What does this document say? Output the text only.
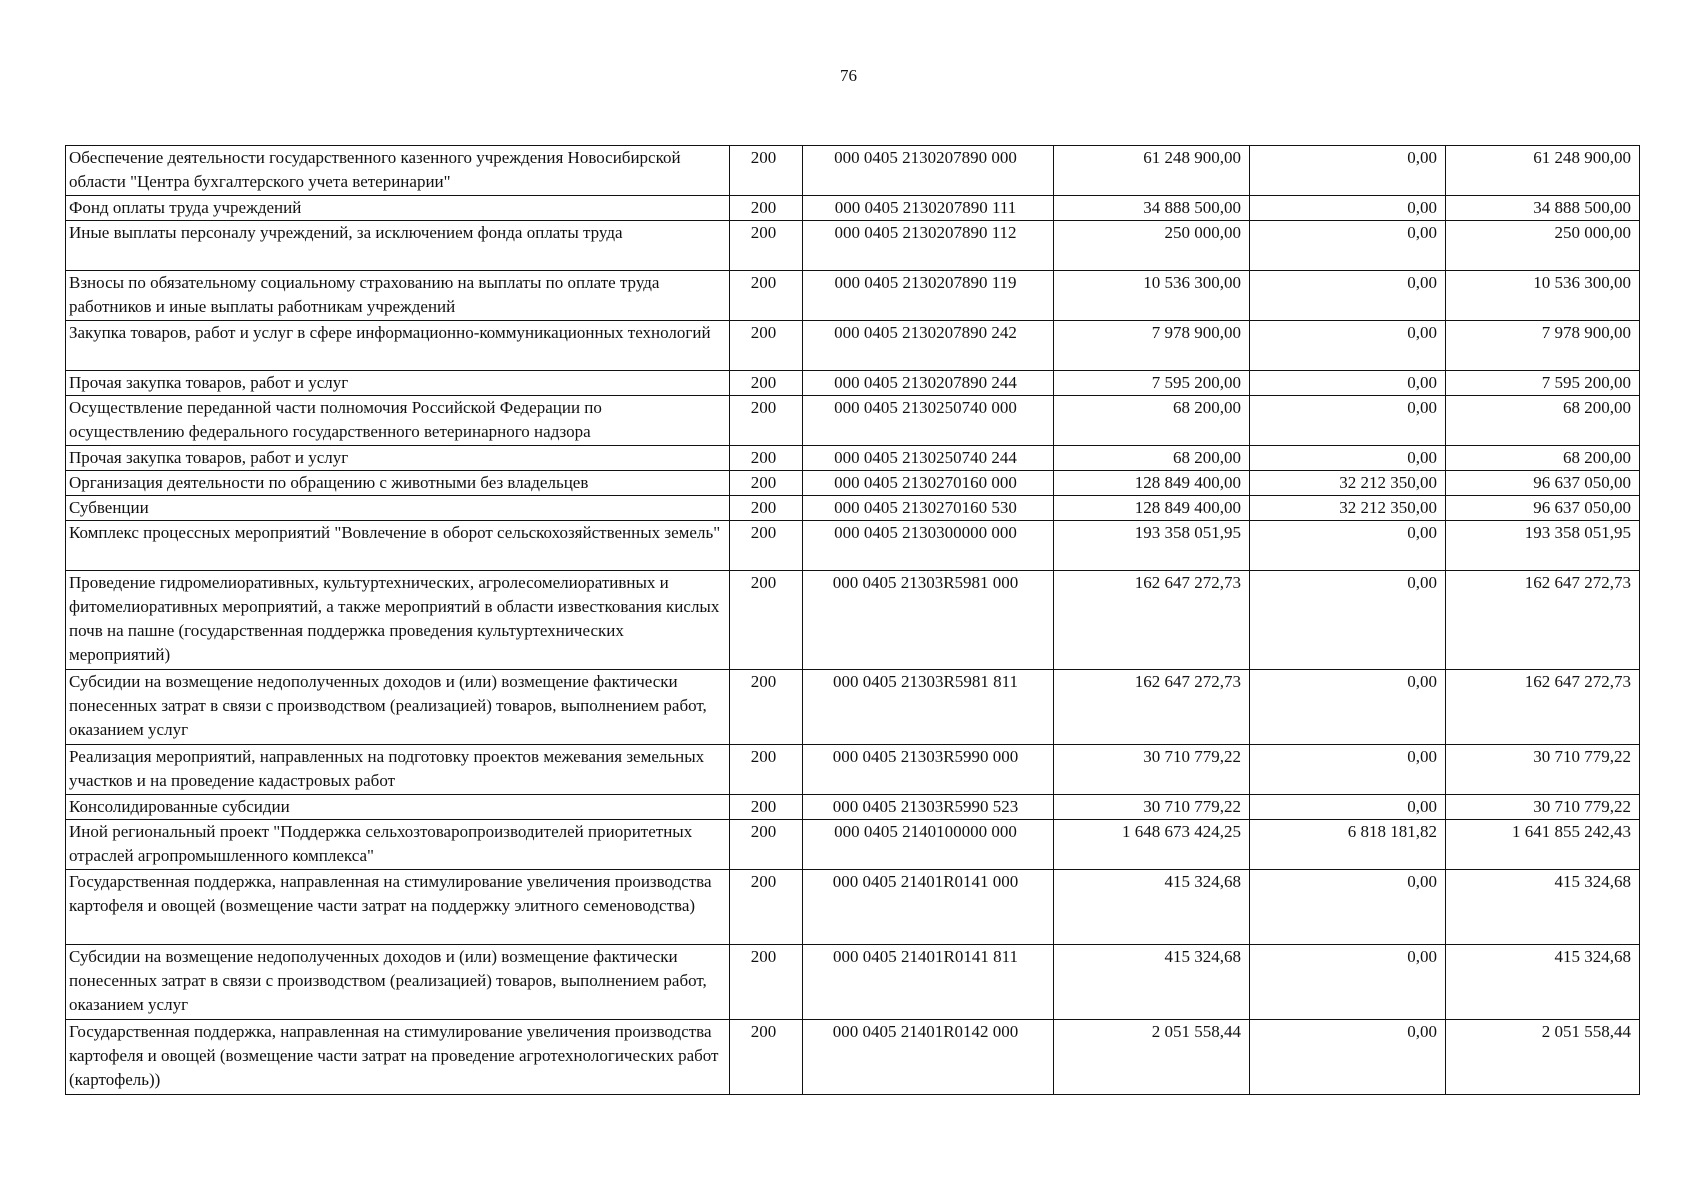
76
Обеспечение деятельности государственного казенного учреждения Новосибирской области "Центра бухгалтерского учета ветеринарии"	200	000 0405 2130207890 000	61 248 900,00	0,00	61 248 900,00
Фонд оплаты труда учреждений	200	000 0405 2130207890 111	34 888 500,00	0,00	34 888 500,00
Иные выплаты персоналу учреждений, за исключением фонда оплаты труда	200	000 0405 2130207890 112	250 000,00	0,00	250 000,00
Взносы по обязательному социальному страхованию на выплаты по оплате труда работников и иные выплаты работникам учреждений	200	000 0405 2130207890 119	10 536 300,00	0,00	10 536 300,00
Закупка товаров, работ и услуг в сфере информационно-коммуникационных технологий	200	000 0405 2130207890 242	7 978 900,00	0,00	7 978 900,00
Прочая закупка товаров, работ и услуг	200	000 0405 2130207890 244	7 595 200,00	0,00	7 595 200,00
Осуществление переданной части полномочия Российской Федерации по осуществлению федерального государственного ветеринарного надзора	200	000 0405 2130250740 000	68 200,00	0,00	68 200,00
Прочая закупка товаров, работ и услуг	200	000 0405 2130250740 244	68 200,00	0,00	68 200,00
Организация деятельности по обращению с животными без владельцев	200	000 0405 2130270160 000	128 849 400,00	32 212 350,00	96 637 050,00
Субвенции	200	000 0405 2130270160 530	128 849 400,00	32 212 350,00	96 637 050,00
Комплекс процессных мероприятий "Вовлечение в оборот сельскохозяйственных земель"	200	000 0405 2130300000 000	193 358 051,95	0,00	193 358 051,95
Проведение гидромелиоративных, культуртехнических, агролесомелиоративных и фитомелиоративных мероприятий, а также мероприятий в области известкования кислых почв на пашне (государственная поддержка проведения культуртехнических мероприятий)	200	000 0405 21303R5981 000	162 647 272,73	0,00	162 647 272,73
Субсидии на возмещение недополученных доходов и (или) возмещение фактически понесенных затрат в связи с производством (реализацией) товаров, выполнением работ, оказанием услуг	200	000 0405 21303R5981 811	162 647 272,73	0,00	162 647 272,73
Реализация мероприятий, направленных на подготовку проектов межевания земельных участков и на проведение кадастровых работ	200	000 0405 21303R5990 000	30 710 779,22	0,00	30 710 779,22
Консолидированные субсидии	200	000 0405 21303R5990 523	30 710 779,22	0,00	30 710 779,22
Иной региональный проект "Поддержка сельхозтоваропроизводителей приоритетных отраслей агропромышленного комплекса"	200	000 0405 2140100000 000	1 648 673 424,25	6 818 181,82	1 641 855 242,43
Государственная поддержка, направленная на стимулирование увеличения производства картофеля и овощей (возмещение части затрат на поддержку элитного семеноводства)	200	000 0405 21401R0141 000	415 324,68	0,00	415 324,68
Субсидии на возмещение недополученных доходов и (или) возмещение фактически понесенных затрат в связи с производством (реализацией) товаров, выполнением работ, оказанием услуг	200	000 0405 21401R0141 811	415 324,68	0,00	415 324,68
Государственная поддержка, направленная на стимулирование увеличения производства картофеля и овощей (возмещение части затрат на проведение агротехнологических работ (картофель))	200	000 0405 21401R0142 000	2 051 558,44	0,00	2 051 558,44
